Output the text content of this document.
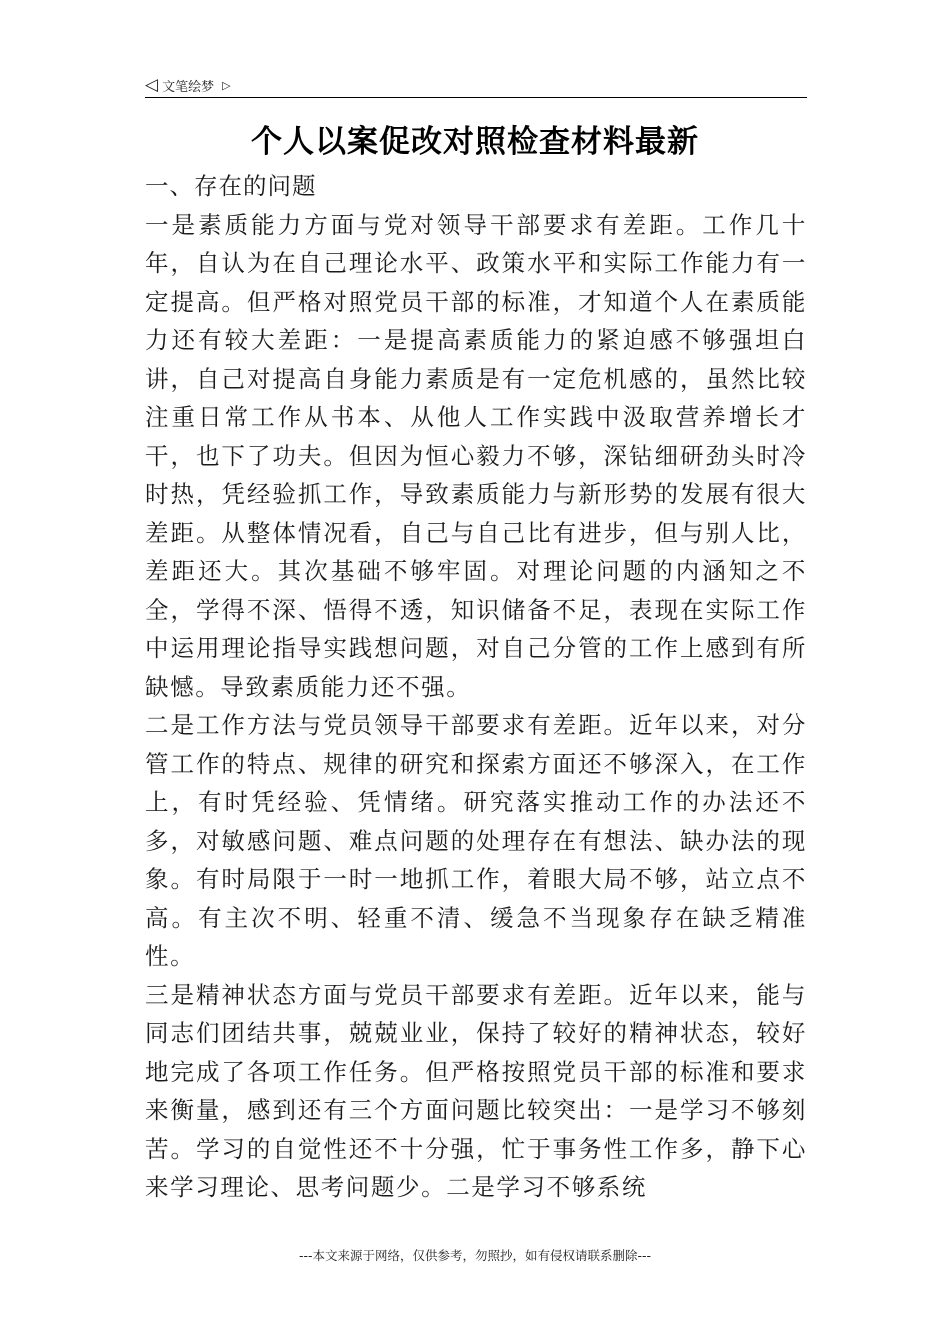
◁ 文笔绘梦 ▷
个人以案促改对照检查材料最新

一、存在的问题

一是素质能力方面与党对领导干部要求有差距。工作几十年，自认为在自己理论水平、政策水平和实际工作能力有一定提高。但严格对照党员干部的标准，才知道个人在素质能力还有较大差距：一是提高素质能力的紧迫感不够强坦白讲，自己对提高自身能力素质是有一定危机感的，虽然比较注重日常工作从书本、从他人工作实践中汲取营养增长才干，也下了功夫。但因为恒心毅力不够，深钻细研劲头时冷时热，凭经验抓工作，导致素质能力与新形势的发展有很大差距。从整体情况看，自己与自己比有进步，但与别人比，差距还大。其次基础不够牢固。对理论问题的内涵知之不全，学得不深、悟得不透，知识储备不足，表现在实际工作中运用理论指导实践想问题，对自己分管的工作上感到有所缺憾。导致素质能力还不强。

二是工作方法与党员领导干部要求有差距。近年以来，对分管工作的特点、规律的研究和探索方面还不够深入，在工作上，有时凭经验、凭情绪。研究落实推动工作的办法还不多，对敏感问题、难点问题的处理存在有想法、缺办法的现象。有时局限于一时一地抓工作，着眼大局不够，站立点不高。有主次不明、轻重不清、缓急不当现象存在缺乏精准性。

三是精神状态方面与党员干部要求有差距。近年以来，能与同志们团结共事，兢兢业业，保持了较好的精神状态，较好地完成了各项工作任务。但严格按照党员干部的标准和要求来衡量，感到还有三个方面问题比较突出：一是学习不够刻苦。学习的自觉性还不十分强，忙于事务性工作多，静下心来学习理论、思考问题少。二是学习不够系统

---本文来源于网络，仅供参考，勿照抄，如有侵权请联系删除---
